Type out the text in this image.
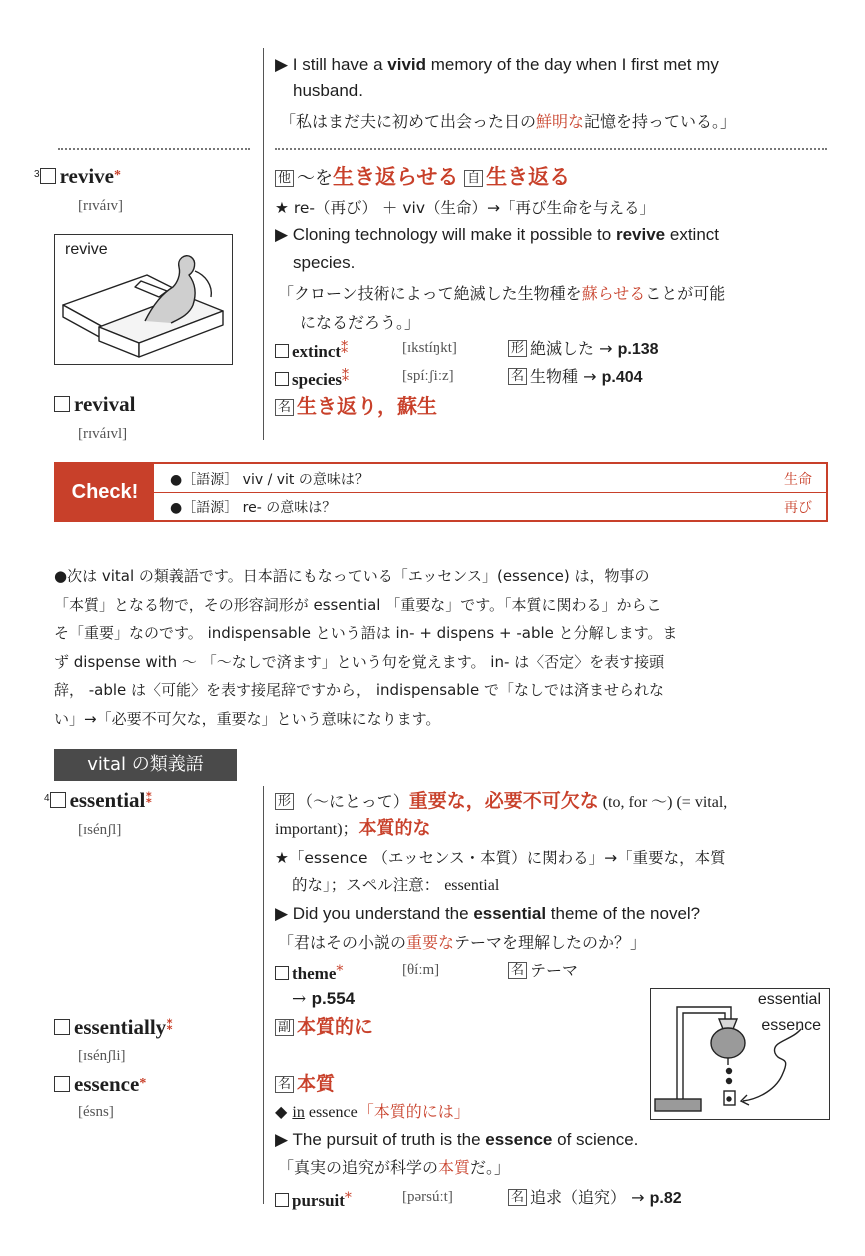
▶ I still have a vivid memory of the day when I first met my
husband.
「私はまだ夫に初めて出会った日の鮮明な記憶を持っている。」
$^3$ revive*
[rɪváɪv]
revive
他 ～を生き返らせる 自 生き返る
★ re-（再び） ＋ viv（生命）→「再び生命を与える」
▶ Cloning technology will make it possible to revive extinct
species.
「クローン技術によって絶滅した生物種を蘇らせることが可能
になるだろう。」
extinct⁑	[ɪkstíŋkt]	形 絶滅した → p.138
species⁑	[spíːʃiːz]	名 生物種 → p.404
revival
[rɪváɪvl]
名 生き返り，蘇生
Check!
●［語源］ viv / vit の意味は？	生命
●［語源］ re- の意味は？	再び
●次は vital の類義語です。日本語にもなっている「エッセンス」(essence) は，物事の
「本質」となる物で，その形容詞形が essential 「重要な」です。「本質に関わる」からこ
そ「重要」なのです。 indispensable という語は in- + dispens + -able と分解します。ま
ず dispense with ～ 「～なしで済ます」という句を覚えます。 in- は〈否定〉を表す接頭
辞， -able は〈可能〉を表す接尾辞ですから， indispensable で「なしでは済ませられな
い」→「必要不可欠な，重要な」という意味になります。
vital の類義語
$^4$ essential⁑
[ɪsénʃl]
形 （～にとって）重要な，必要不可欠な (to, for ～) (= vital,
important)；本質的な
★「essence （エッセンス・本質）に関わる」→「重要な，本質
的な」；スペル注意： essential
▶ Did you understand the essential theme of the novel?
「君はその小説の重要なテーマを理解したのか？」
theme*	[θíːm]	名 テーマ
→ p.554	essential
essence
essentially⁑
[ɪsénʃli]
副 本質的に
essence*
[ésns]
名 本質
◆ in essence「本質的には」
▶ The pursuit of truth is the essence of science.
「真実の追究が科学の本質だ。」
pursuit*	[pərsúːt]	名 追求（追究） → p.82
